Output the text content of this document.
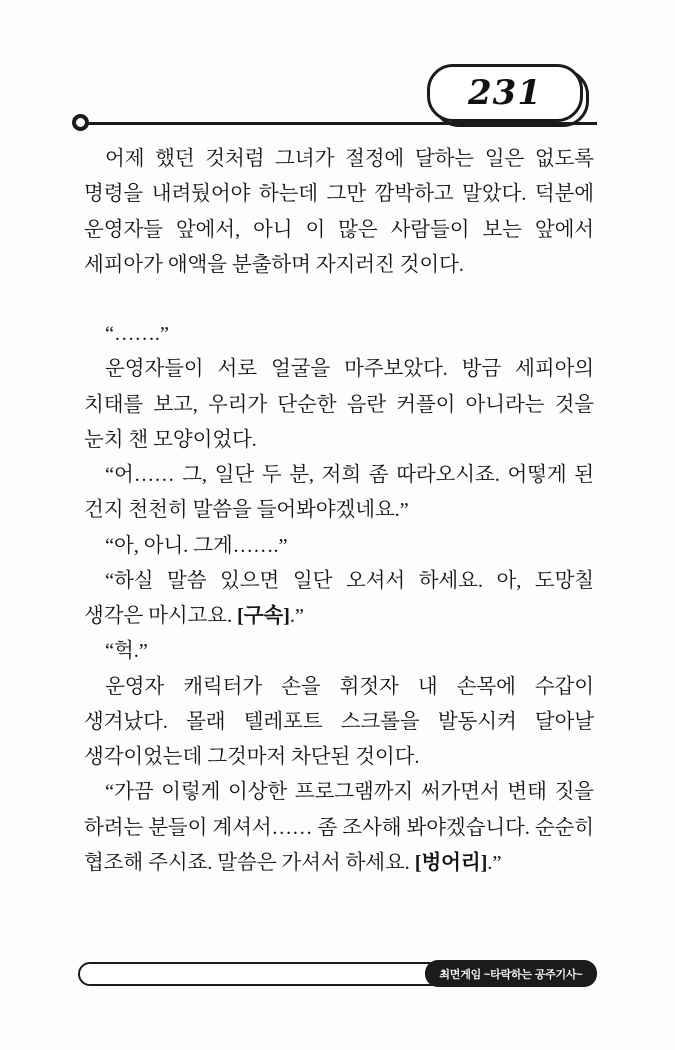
231

어제 했던 것처럼 그녀가 절정에 달하는 일은 없도록 명령을 내려뒀어야 하는데 그만 깜박하고 말았다. 덕분에 운영자들 앞에서, 아니 이 많은 사람들이 보는 앞에서 세피아가 애액을 분출하며 자지러진 것이다.

“…….”

운영자들이 서로 얼굴을 마주보았다. 방금 세피아의 치태를 보고, 우리가 단순한 음란 커플이 아니라는 것을 눈치 챈 모양이었다.

“어…… 그, 일단 두 분, 저희 좀 따라오시죠. 어떻게 된 건지 천천히 말씀을 들어봐야겠네요.”

“아, 아니. 그게…….”

“하실 말씀 있으면 일단 오셔서 하세요. 아, 도망칠 생각은 마시고요. [구속].”

“헉.”

운영자 캐릭터가 손을 휘젓자 내 손목에 수갑이 생겨났다. 몰래 텔레포트 스크롤을 발동시켜 달아날 생각이었는데 그것마저 차단된 것이다.

“가끔 이렇게 이상한 프로그램까지 써가면서 변태 짓을 하려는 분들이 계셔서…… 좀 조사해 봐야겠습니다. 순순히 협조해 주시죠. 말씀은 가셔서 하세요. [벙어리].”

최면게임 ~타락하는 공주기사~
